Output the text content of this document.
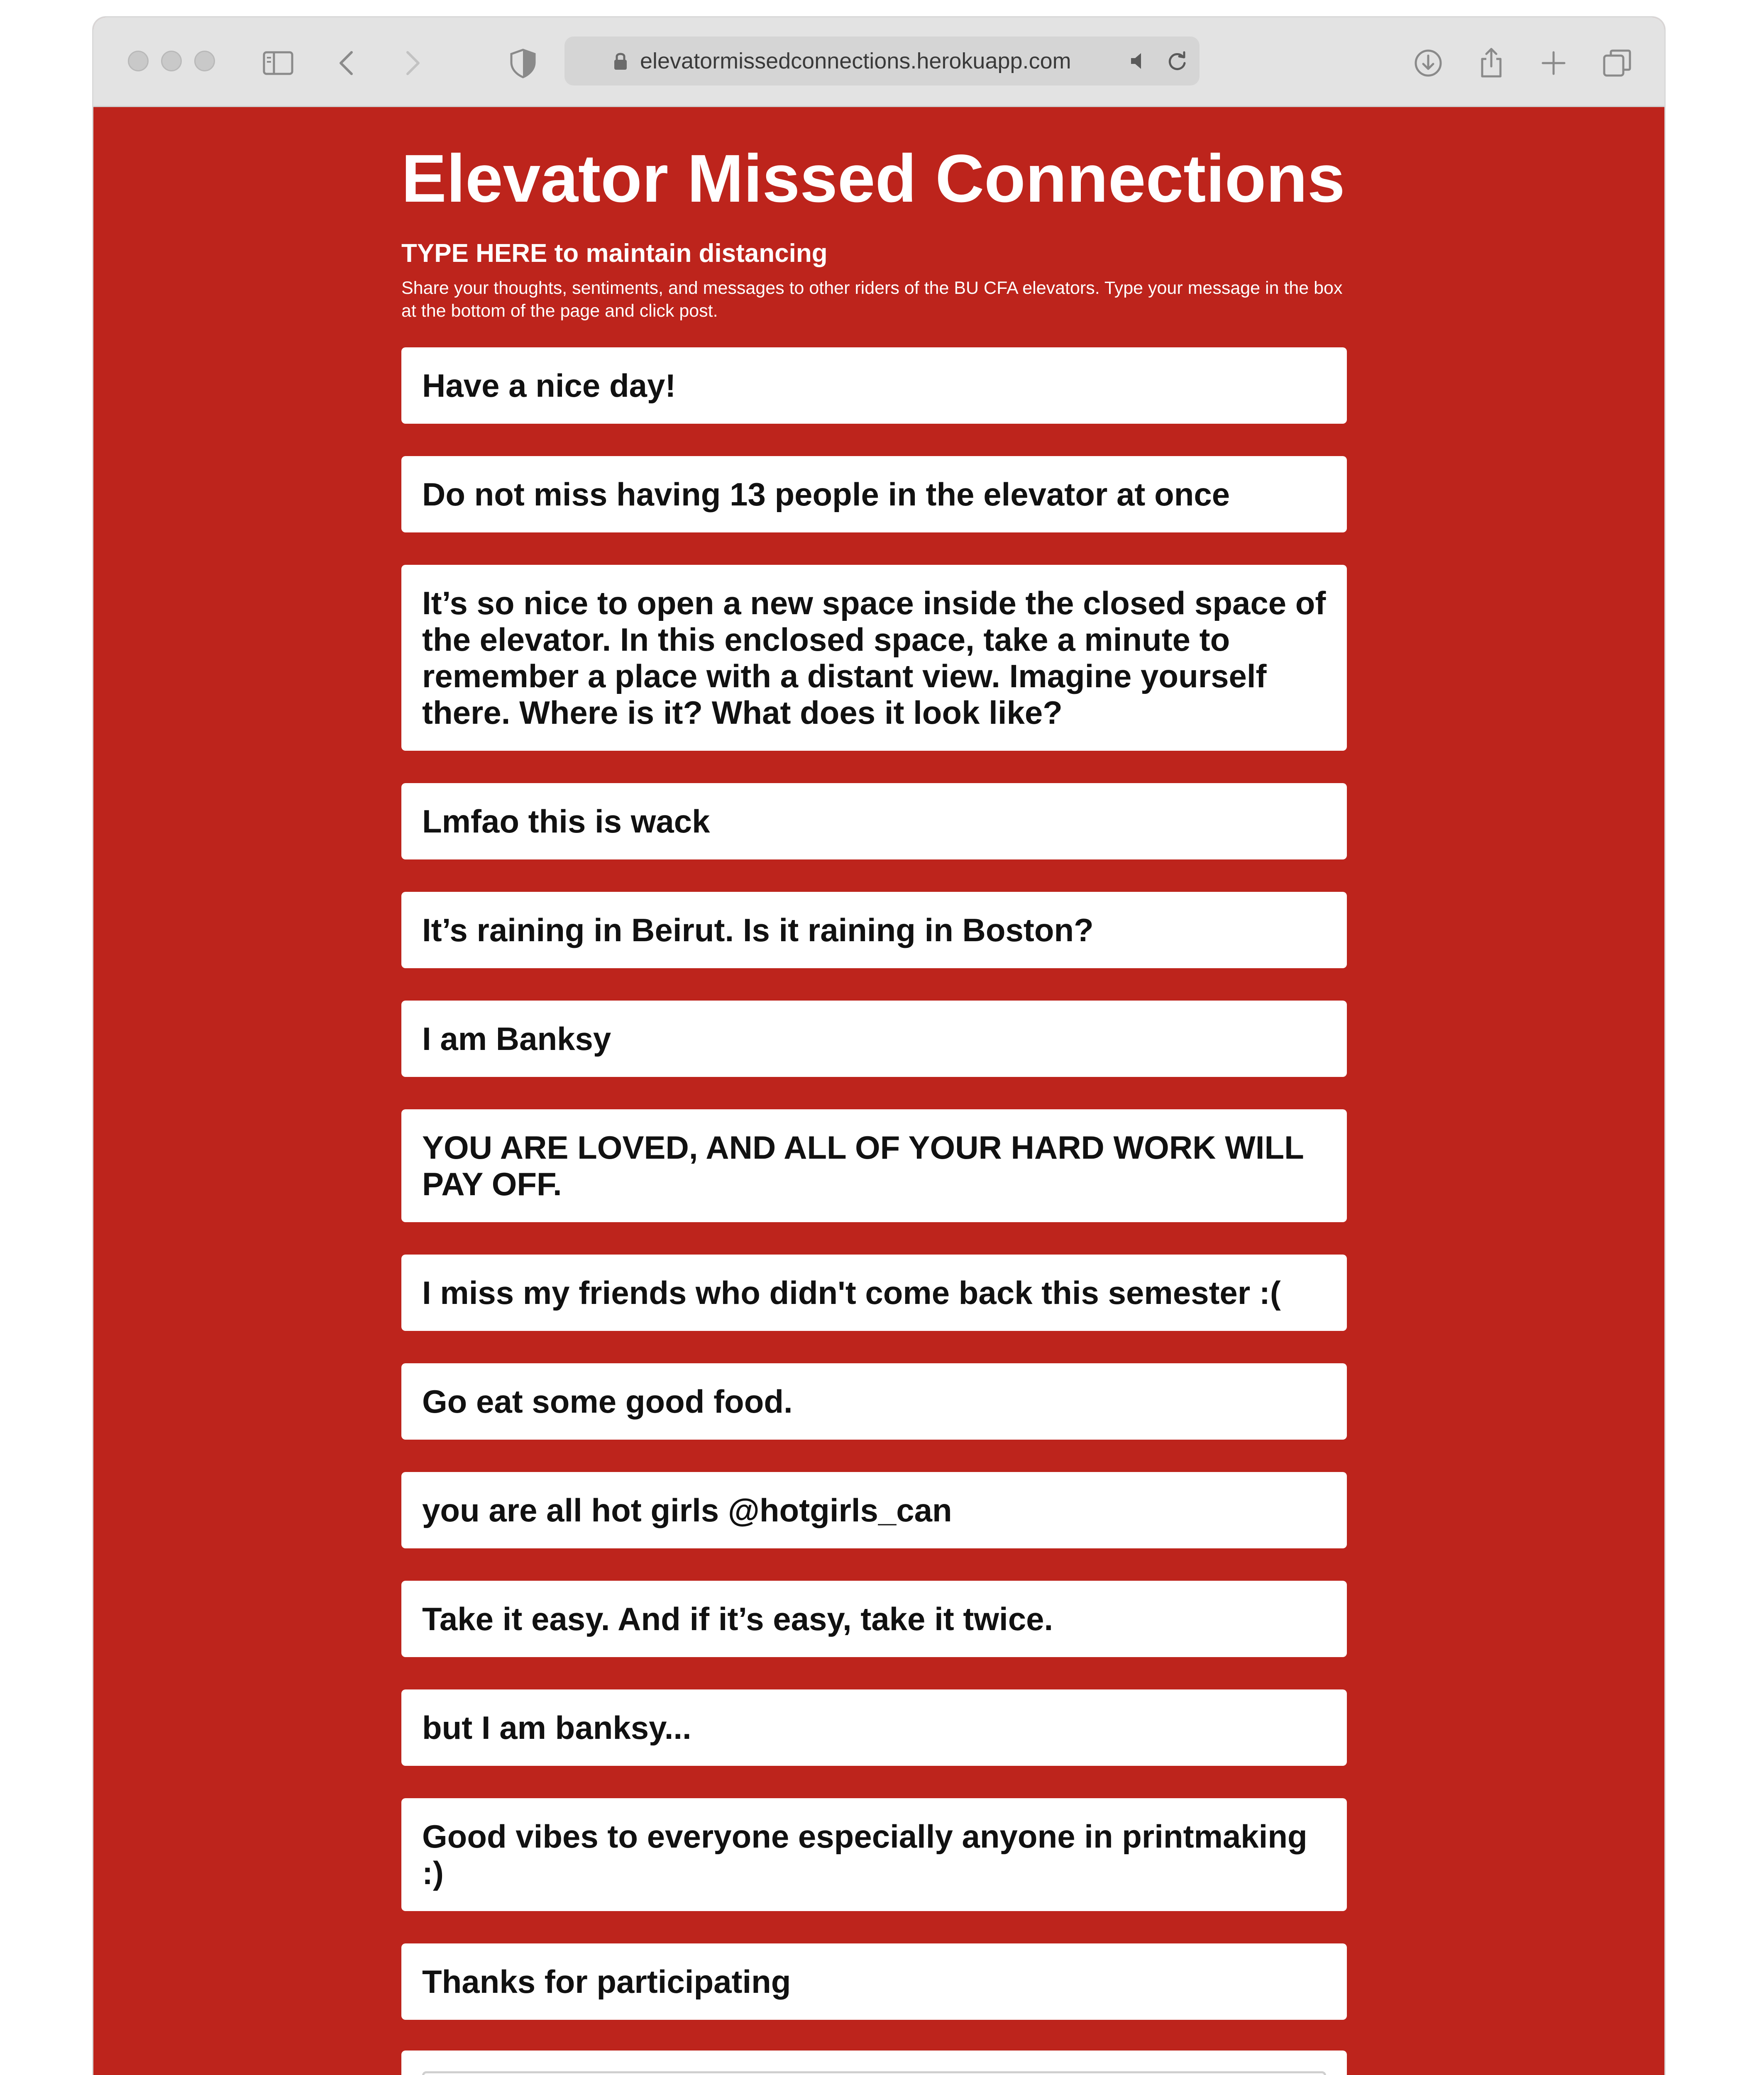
elevatormissedconnections.herokuapp.com
Elevator Missed Connections
TYPE HERE to maintain distancing
Share your thoughts, sentiments, and messages to other riders of the BU CFA elevators. Type your message in the box at the bottom of the page and click post.
Have a nice day!
Do not miss having 13 people in the elevator at once
It’s so nice to open a new space inside the closed space of the elevator. In this enclosed space, take a minute to remember a place with a distant view. Imagine yourself there. Where is it? What does it look like?
Lmfao this is wack
It’s raining in Beirut. Is it raining in Boston?
I am Banksy
YOU ARE LOVED, AND ALL OF YOUR HARD WORK WILL PAY OFF.
I miss my friends who didn't come back this semester :(
Go eat some good food.
you are all hot girls @hotgirls_can
Take it easy. And if it’s easy, take it twice.
but I am banksy...
Good vibes to everyone especially anyone in printmaking :)
Thanks for participating
